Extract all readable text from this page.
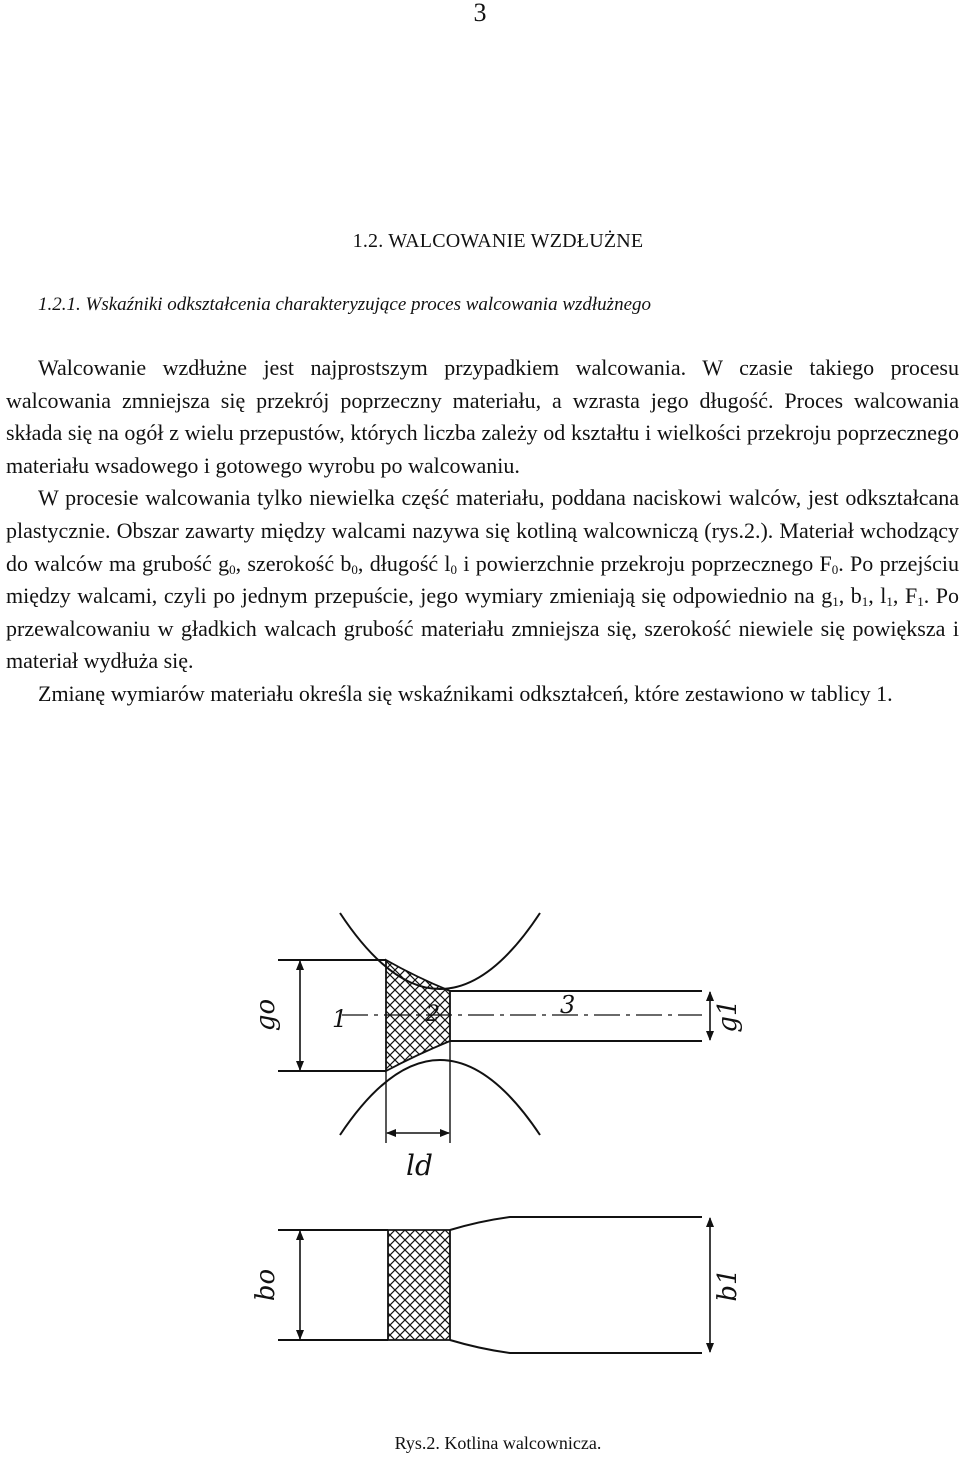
3
1.2. WALCOWANIE WZDŁUŻNE
1.2.1. Wskaźniki odkształcenia charakteryzujące proces walcowania wzdłużnego

Walcowanie wzdłużne jest najprostszym przypadkiem walcowania. W czasie takiego procesu walcowania zmniejsza się przekrój poprzeczny materiału, a wzrasta jego długość. Proces walcowania składa się na ogół z wielu przepustów, których liczba zależy od kształtu i wielkości przekroju poprzecznego materiału wsadowego i gotowego wyrobu po walcowaniu.

W procesie walcowania tylko niewielka część materiału, poddana naciskowi walców, jest odkształcana plastycznie. Obszar zawarty między walcami nazywa się kotliną walcowniczą (rys.2.). Materiał wchodzący do walców ma grubość $g_0$, szerokość $b_0$, długość $l_0$ i powierzchnie przekroju poprzecznego $F_0$. Po przejściu między walcami, czyli po jednym przepuście, jego wymiary zmieniają się odpowiednio na $g_1$, $b_1$, $l_1$, $F_1$. Po przewalcowaniu w gładkich walcach grubość materiału zmniejsza się, szerokość niewiele się powiększa i materiał wydłuża się.

Zmianę wymiarów materiału określa się wskaźnikami odkształceń, które zestawiono w tablicy 1.

go	g1
1	2	3
ld
bo	b1
Rys.2. Kotlina walcownicza.
